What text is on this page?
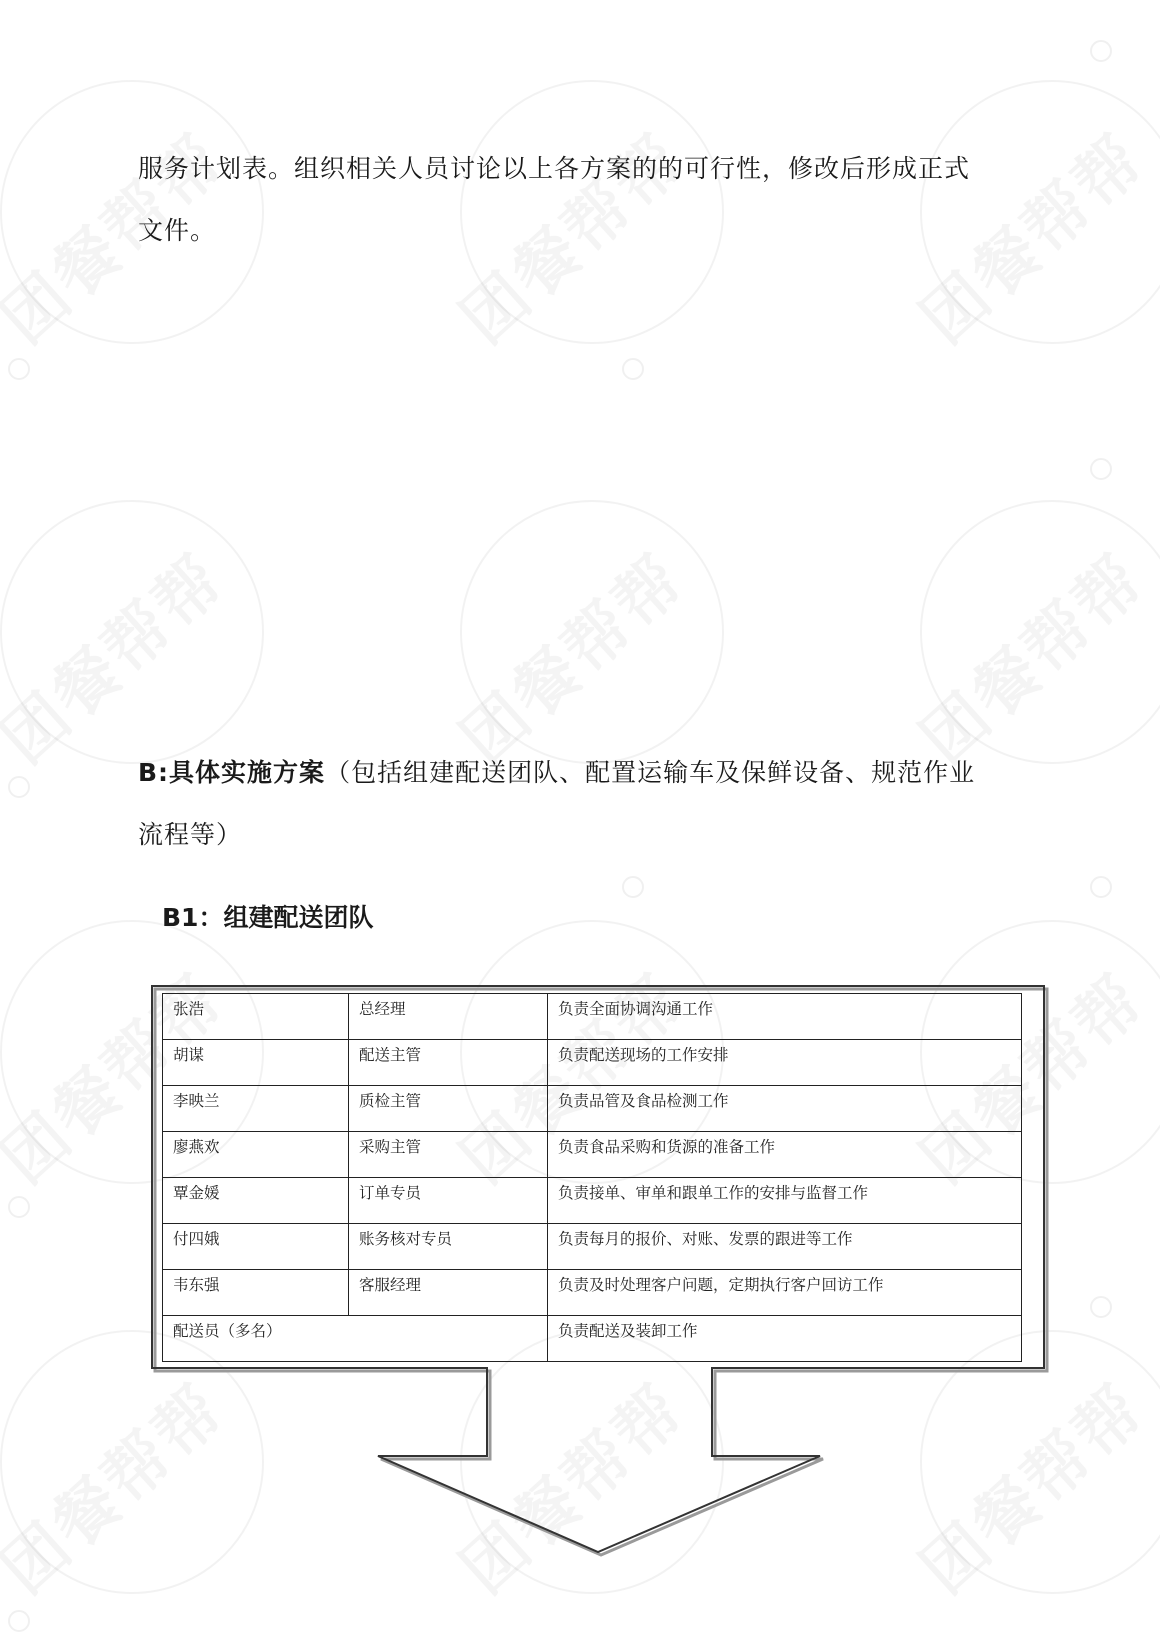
服务计划表。组织相关人员讨论以上各方案的的可行性，修改后形成正式
文件。
B:具体实施方案（包括组建配送团队、配置运输车及保鲜设备、规范作业
流程等）
B1：组建配送团队
张浩	总经理	负责全面协调沟通工作
胡谋	配送主管	负责配送现场的工作安排
李映兰	质检主管	负责品管及食品检测工作
廖燕欢	采购主管	负责食品采购和货源的准备工作
覃金媛	订单专员	负责接单、审单和跟单工作的安排与监督工作
付四娥	账务核对专员	负责每月的报价、对账、发票的跟进等工作
韦东强	客服经理	负责及时处理客户问题，定期执行客户回访工作
配送员（多名）		负责配送及装卸工作
